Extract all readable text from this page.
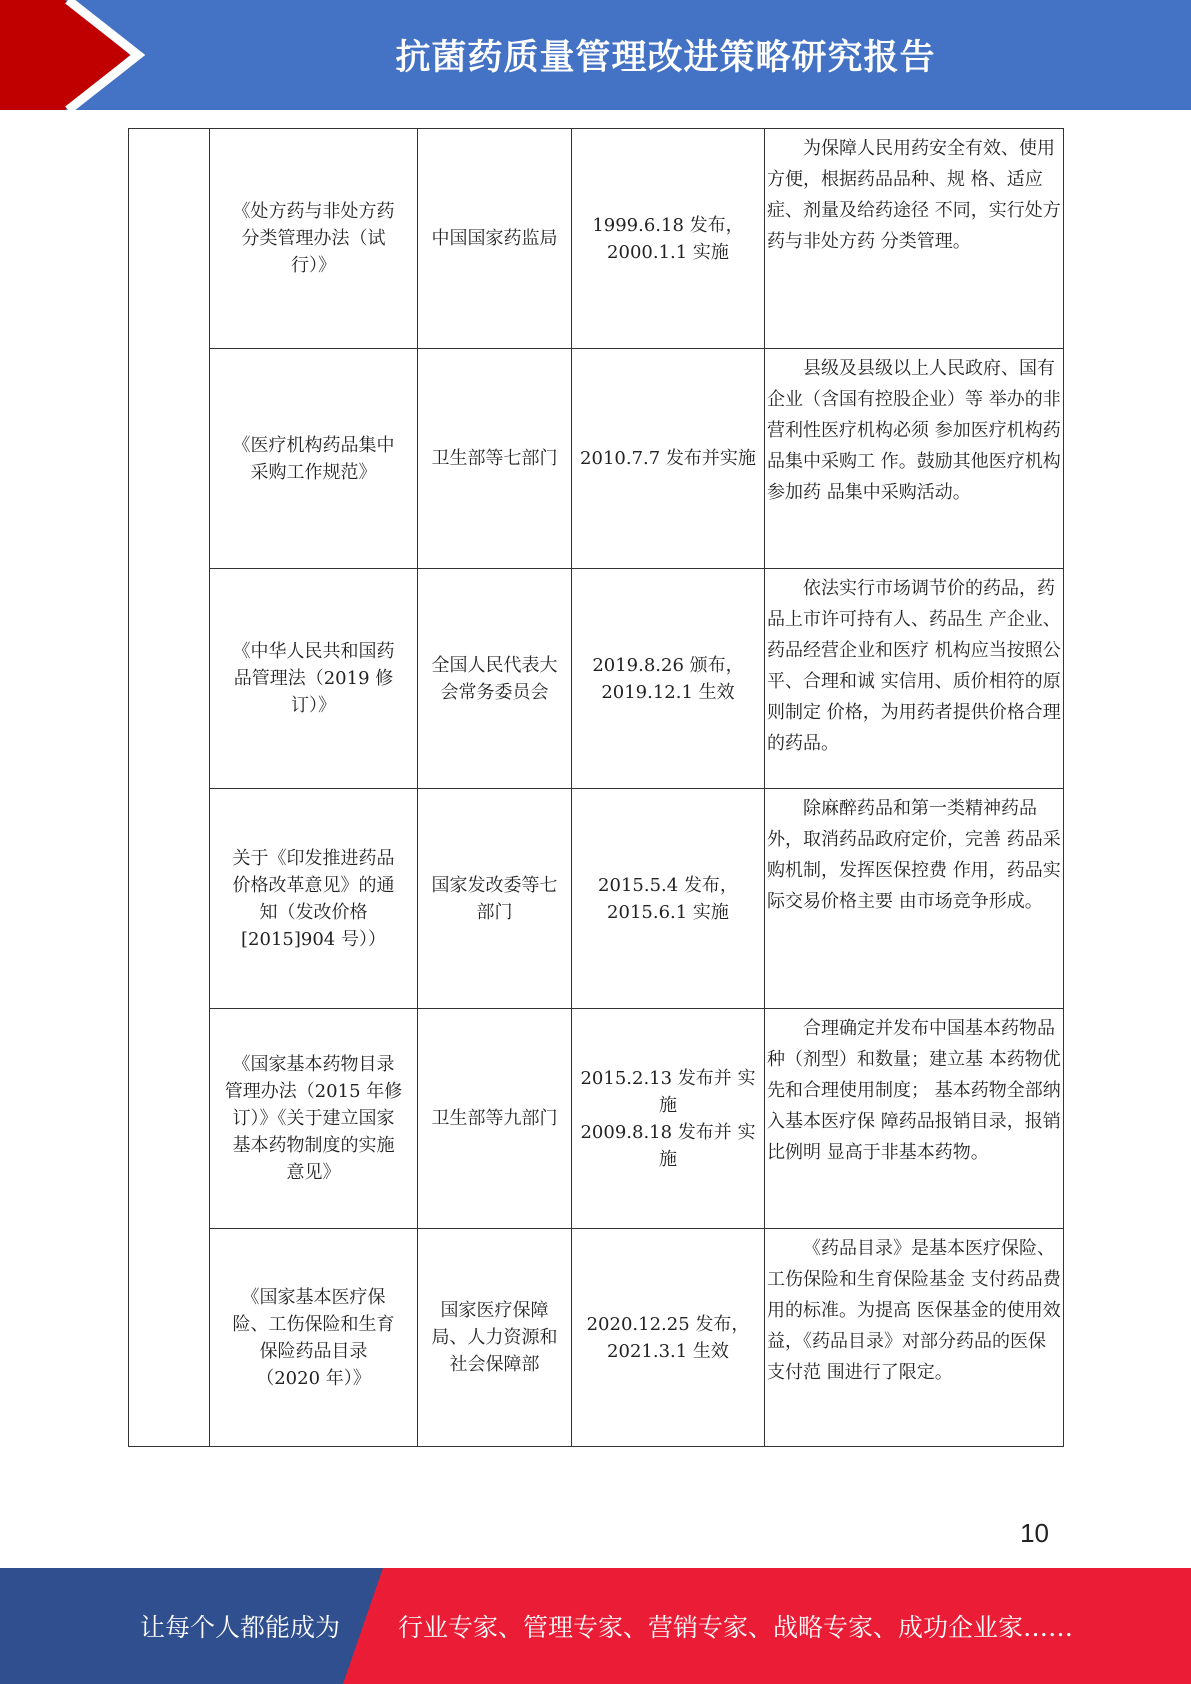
抗菌药质量管理改进策略研究报告

	《处方药与非处方药
分类管理办法（试
行）》	中国国家药监局	1999.6.18 发布，
2000.1.1 实施	为保障人民用药安全有效、使用方便，根据药品品种、规 格、适应症、剂量及给药途径 不同，实行处方药与非处方药 分类管理。

	《医疗机构药品集中
采购工作规范》	卫生部等七部门	2010.7.7 发布并实施	县级及县级以上人民政府、国有企业（含国有控股企业）等 举办的非营利性医疗机构必须 参加医疗机构药品集中采购工 作。鼓励其他医疗机构参加药 品集中采购活动。

	《中华人民共和国药
品管理法（2019 修
订）》	全国人民代表大
会常务委员会	2019.8.26 颁布，
2019.12.1 生效	依法实行市场调节价的药品，药品上市许可持有人、药品生 产企业、药品经营企业和医疗 机构应当按照公平、合理和诚 实信用、质价相符的原则制定 价格，为用药者提供价格合理 的药品。

	关于《印发推进药品
价格改革意见》的通
知（发改价格
[2015]904 号））	国家发改委等七
部门	2015.5.4 发布，
2015.6.1 实施	除麻醉药品和第一类精神药品外，取消药品政府定价，完善 药品采购机制，发挥医保控费 作用，药品实际交易价格主要 由市场竞争形成。

	《国家基本药物目录
管理办法（2015 年修
订）》《关于建立国家
基本药物制度的实施
意见》	卫生部等九部门	2015.2.13 发布并 实
施
2009.8.18 发布并 实
施	合理确定并发布中国基本药物品种（剂型）和数量；建立基 本药物优先和合理使用制度； 基本药物全部纳入基本医疗保 障药品报销目录，报销比例明 显高于非基本药物。

	《国家基本医疗保
险、工伤保险和生育
保险药品目录
（2020 年）》	国家医疗保障
局、人力资源和
社会保障部	2020.12.25 发布，
2021.3.1 生效	《药品目录》是基本医疗保险、工伤保险和生育保险基金 支付药品费用的标准。为提高 医保基金的使用效益，《药品目录》对部分药品的医保支付范 围进行了限定。
10
让每个人都能成为	行业专家、管理专家、营销专家、战略专家、成功企业家……
